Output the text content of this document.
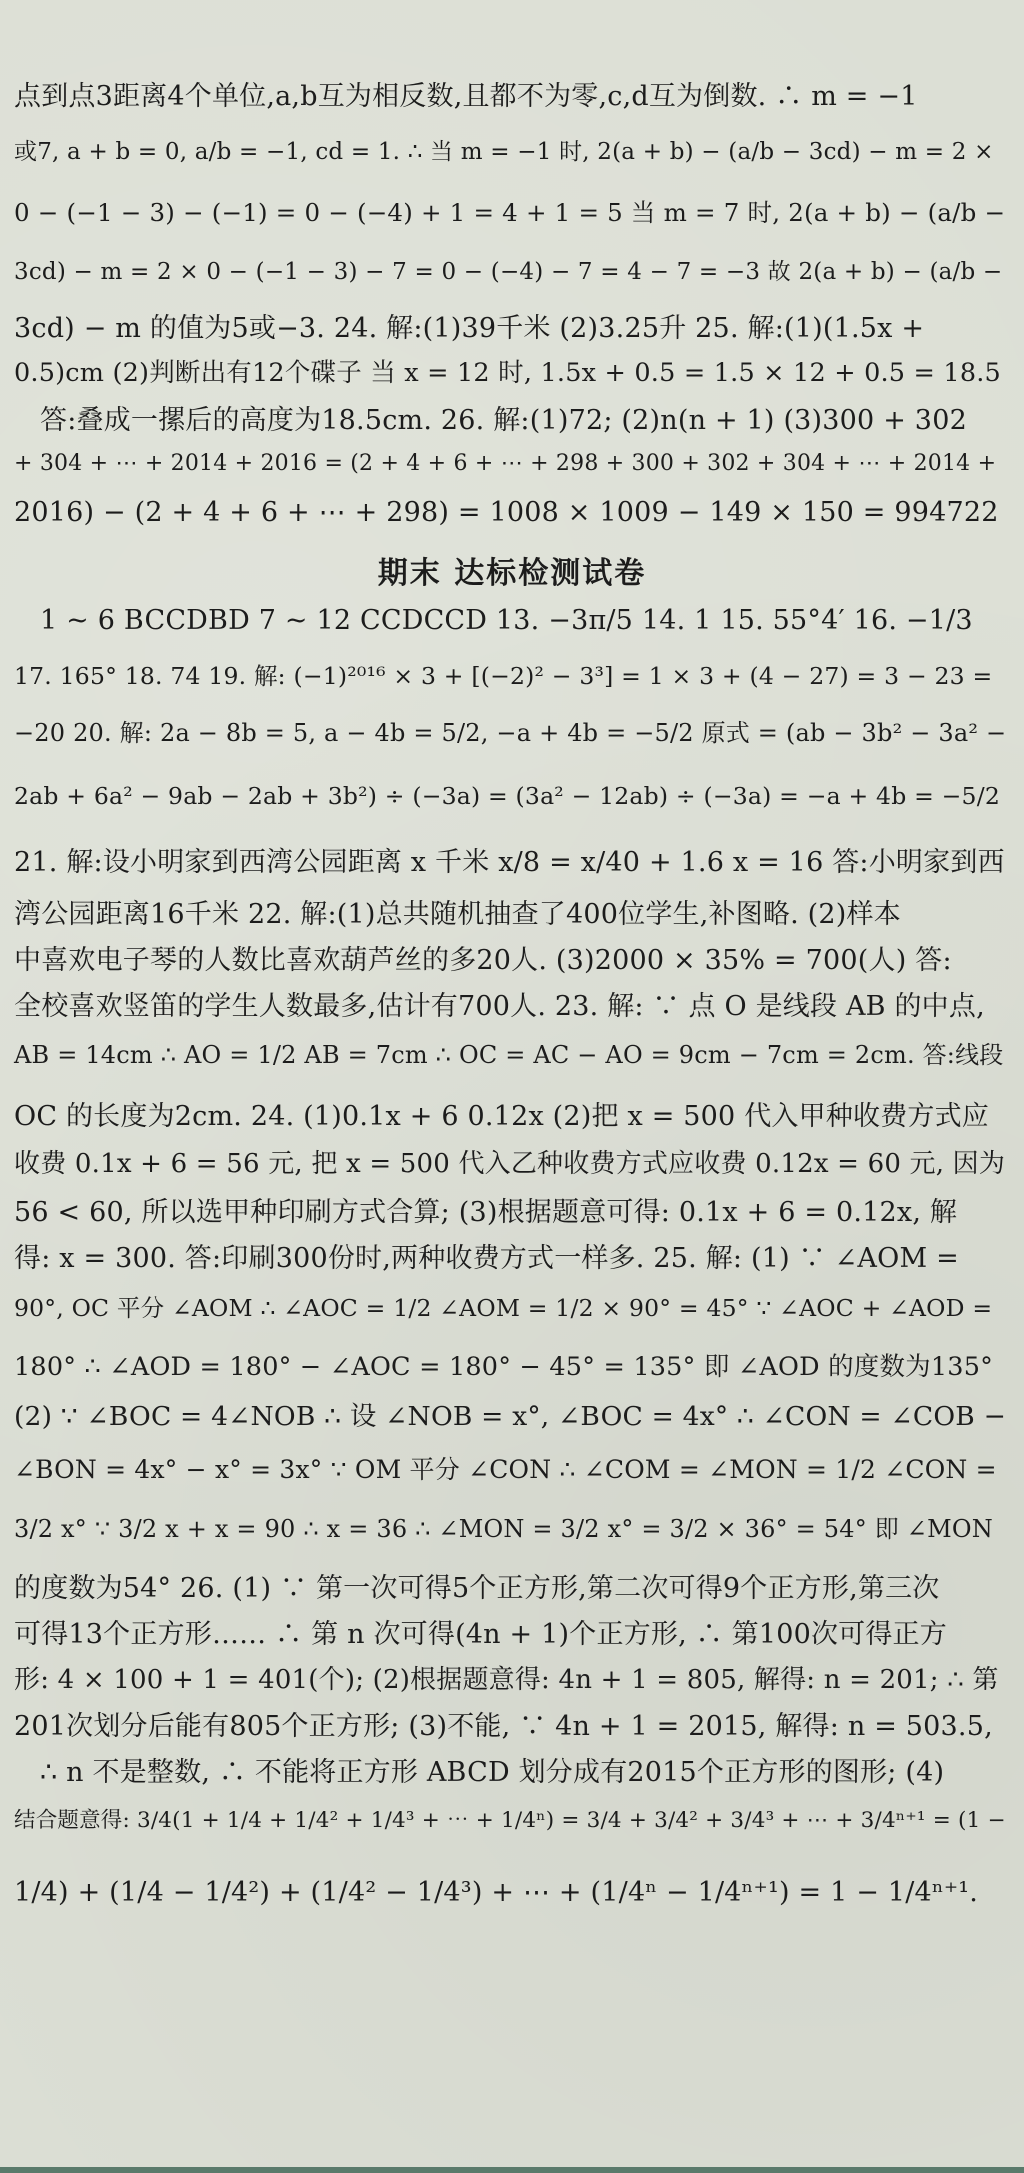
点到点3距离4个单位,a,b互为相反数,且都不为零,c,d互为倒数. ∴ m = −1
或7, a + b = 0, a/b = −1, cd = 1. ∴ 当 m = −1 时, 2(a + b) − (a/b − 3cd) − m = 2 ×
0 − (−1 − 3) − (−1) = 0 − (−4) + 1 = 4 + 1 = 5 当 m = 7 时, 2(a + b) − (a/b −
3cd) − m = 2 × 0 − (−1 − 3) − 7 = 0 − (−4) − 7 = 4 − 7 = −3 故 2(a + b) − (a/b −
3cd) − m 的值为5或−3. 24. 解:(1)39千米 (2)3.25升 25. 解:(1)(1.5x +
0.5)cm (2)判断出有12个碟子 当 x = 12 时, 1.5x + 0.5 = 1.5 × 12 + 0.5 = 18.5
答:叠成一摞后的高度为18.5cm. 26. 解:(1)72; (2)n(n + 1) (3)300 + 302
+ 304 + ⋯ + 2014 + 2016 = (2 + 4 + 6 + ⋯ + 298 + 300 + 302 + 304 + ⋯ + 2014 +
2016) − (2 + 4 + 6 + ⋯ + 298) = 1008 × 1009 − 149 × 150 = 994722
期末 达标检测试卷
1 ~ 6 BCCDBD 7 ~ 12 CCDCCD 13. −3π/5 14. 1 15. 55°4′ 16. −1/3
17. 165° 18. 74 19. 解: (−1)²⁰¹⁶ × 3 + [(−2)² − 3³] = 1 × 3 + (4 − 27) = 3 − 23 =
−20 20. 解: 2a − 8b = 5, a − 4b = 5/2, −a + 4b = −5/2 原式 = (ab − 3b² − 3a² −
2ab + 6a² − 9ab − 2ab + 3b²) ÷ (−3a) = (3a² − 12ab) ÷ (−3a) = −a + 4b = −5/2
21. 解:设小明家到西湾公园距离 x 千米 x/8 = x/40 + 1.6 x = 16 答:小明家到西
湾公园距离16千米 22. 解:(1)总共随机抽查了400位学生,补图略. (2)样本
中喜欢电子琴的人数比喜欢葫芦丝的多20人. (3)2000 × 35% = 700(人) 答:
全校喜欢竖笛的学生人数最多,估计有700人. 23. 解: ∵ 点 O 是线段 AB 的中点,
AB = 14cm ∴ AO = 1/2 AB = 7cm ∴ OC = AC − AO = 9cm − 7cm = 2cm. 答:线段
OC 的长度为2cm. 24. (1)0.1x + 6 0.12x (2)把 x = 500 代入甲种收费方式应
收费 0.1x + 6 = 56 元, 把 x = 500 代入乙种收费方式应收费 0.12x = 60 元, 因为
56 < 60, 所以选甲种印刷方式合算; (3)根据题意可得: 0.1x + 6 = 0.12x, 解
得: x = 300. 答:印刷300份时,两种收费方式一样多. 25. 解: (1) ∵ ∠AOM =
90°, OC 平分 ∠AOM ∴ ∠AOC = 1/2 ∠AOM = 1/2 × 90° = 45° ∵ ∠AOC + ∠AOD =
180° ∴ ∠AOD = 180° − ∠AOC = 180° − 45° = 135° 即 ∠AOD 的度数为135°
(2) ∵ ∠BOC = 4∠NOB ∴ 设 ∠NOB = x°, ∠BOC = 4x° ∴ ∠CON = ∠COB −
∠BON = 4x° − x° = 3x° ∵ OM 平分 ∠CON ∴ ∠COM = ∠MON = 1/2 ∠CON =
3/2 x° ∵ 3/2 x + x = 90 ∴ x = 36 ∴ ∠MON = 3/2 x° = 3/2 × 36° = 54° 即 ∠MON
的度数为54° 26. (1) ∵ 第一次可得5个正方形,第二次可得9个正方形,第三次
可得13个正方形…… ∴ 第 n 次可得(4n + 1)个正方形, ∴ 第100次可得正方
形: 4 × 100 + 1 = 401(个); (2)根据题意得: 4n + 1 = 805, 解得: n = 201; ∴ 第
201次划分后能有805个正方形; (3)不能, ∵ 4n + 1 = 2015, 解得: n = 503.5,
∴ n 不是整数, ∴ 不能将正方形 ABCD 划分成有2015个正方形的图形; (4)
结合题意得: 3/4(1 + 1/4 + 1/4² + 1/4³ + ⋯ + 1/4ⁿ) = 3/4 + 3/4² + 3/4³ + ⋯ + 3/4ⁿ⁺¹ = (1 −
1/4) + (1/4 − 1/4²) + (1/4² − 1/4³) + ⋯ + (1/4ⁿ − 1/4ⁿ⁺¹) = 1 − 1/4ⁿ⁺¹.
